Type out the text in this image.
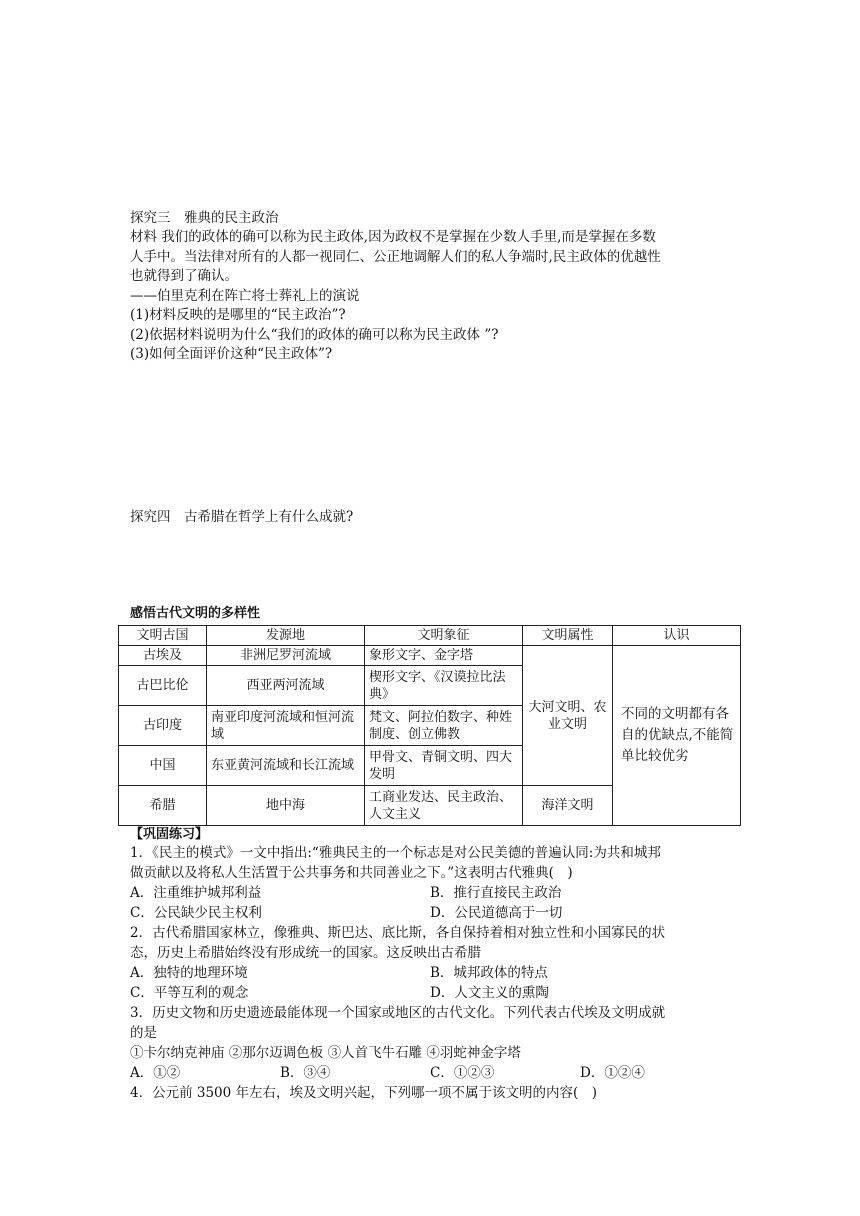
探究三　雅典的民主政治
材料 我们的政体的确可以称为民主政体,因为政权不是掌握在少数人手里,而是掌握在多数
人手中。当法律对所有的人都一视同仁、公正地调解人们的私人争端时,民主政体的优越性
也就得到了确认。
——伯里克利在阵亡将士葬礼上的演说
(1)材料反映的是哪里的“民主政治”?
(2)依据材料说明为什么“我们的政体的确可以称为民主政体 ”?
(3)如何全面评价这种“民主政体”?
探究四　古希腊在哲学上有什么成就?
感悟古代文明的多样性
文明古国	发源地	文明象征	文明属性	认识
古埃及	非洲尼罗河流域	象形文字、金字塔	大河文明、农业文明	不同的文明都有各自的优缺点,不能简单比较优劣
古巴比伦	西亚两河流域	楔形文字、《汉谟拉比法典》		
古印度	南亚印度河流域和恒河流域	梵文、阿拉伯数字、种姓制度、创立佛教		
中国	东亚黄河流域和长江流域	甲骨文、青铜文明、四大发明		
希腊	地中海	工商业发达、民主政治、人文主义	海洋文明	
【巩固练习】
1．《民主的模式》一文中指出:“雅典民主的一个标志是对公民美德的普遍认同:为共和城邦
做贡献以及将私人生活置于公共事务和共同善业之下。”这表明古代雅典(　)
A．注重维护城邦利益	B．推行直接民主政治
C．公民缺少民主权利	D．公民道德高于一切
2．古代希腊国家林立，像雅典、斯巴达、底比斯，各自保持着相对独立性和小国寡民的状
态，历史上希腊始终没有形成统一的国家。这反映出古希腊
A．独特的地理环境	B．城邦政体的特点
C．平等互利的观念	D．人文主义的熏陶
3．历史文物和历史遗迹最能体现一个国家或地区的古代文化。下列代表古代埃及文明成就
的是
①卡尔纳克神庙 ②那尔迈调色板 ③人首飞牛石雕 ④羽蛇神金字塔
A．①②	B．③④	C．①②③	D．①②④
4．公元前 3500 年左右，埃及文明兴起，下列哪一项不属于该文明的内容(　)
